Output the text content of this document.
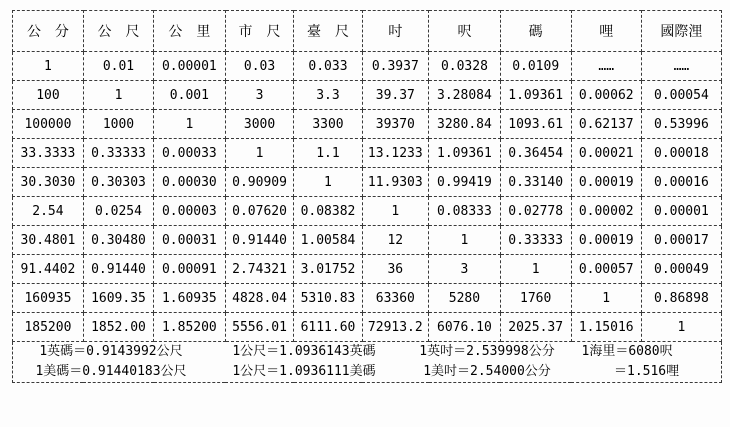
公　分	公　尺	公　里	市　尺	臺　尺	吋	呎	碼	哩	國際浬
1	0.01	0.00001	0.03	0.033	0.3937	0.0328	0.0109	……	……
100	1	0.001	3	3.3	39.37	3.28084	1.09361	0.00062	0.00054
100000	1000	1	3000	3300	39370	3280.84	1093.61	0.62137	0.53996
33.3333	0.33333	0.00033	1	1.1	13.1233	1.09361	0.36454	0.00021	0.00018
30.3030	0.30303	0.00030	0.90909	1	11.9303	0.99419	0.33140	0.00019	0.00016
2.54	0.0254	0.00003	0.07620	0.08382	1	0.08333	0.02778	0.00002	0.00001
30.4801	0.30480	0.00031	0.91440	1.00584	12	1	0.33333	0.00019	0.00017
91.4402	0.91440	0.00091	2.74321	3.01752	36	3	1	0.00057	0.00049
160935	1609.35	1.60935	4828.04	5310.83	63360	5280	1760	1	0.86898
185200	1852.00	1.85200	5556.01	6111.60	72913.2	6076.10	2025.37	1.15016	1

1英碼＝0.9143992公尺
1美碼＝0.91440183公尺
1公尺＝1.0936143英碼
1公尺＝1.0936111美碼
1英吋＝2.539998公分
1美吋＝2.54000公分
1海里＝6080呎
＝1.516哩
